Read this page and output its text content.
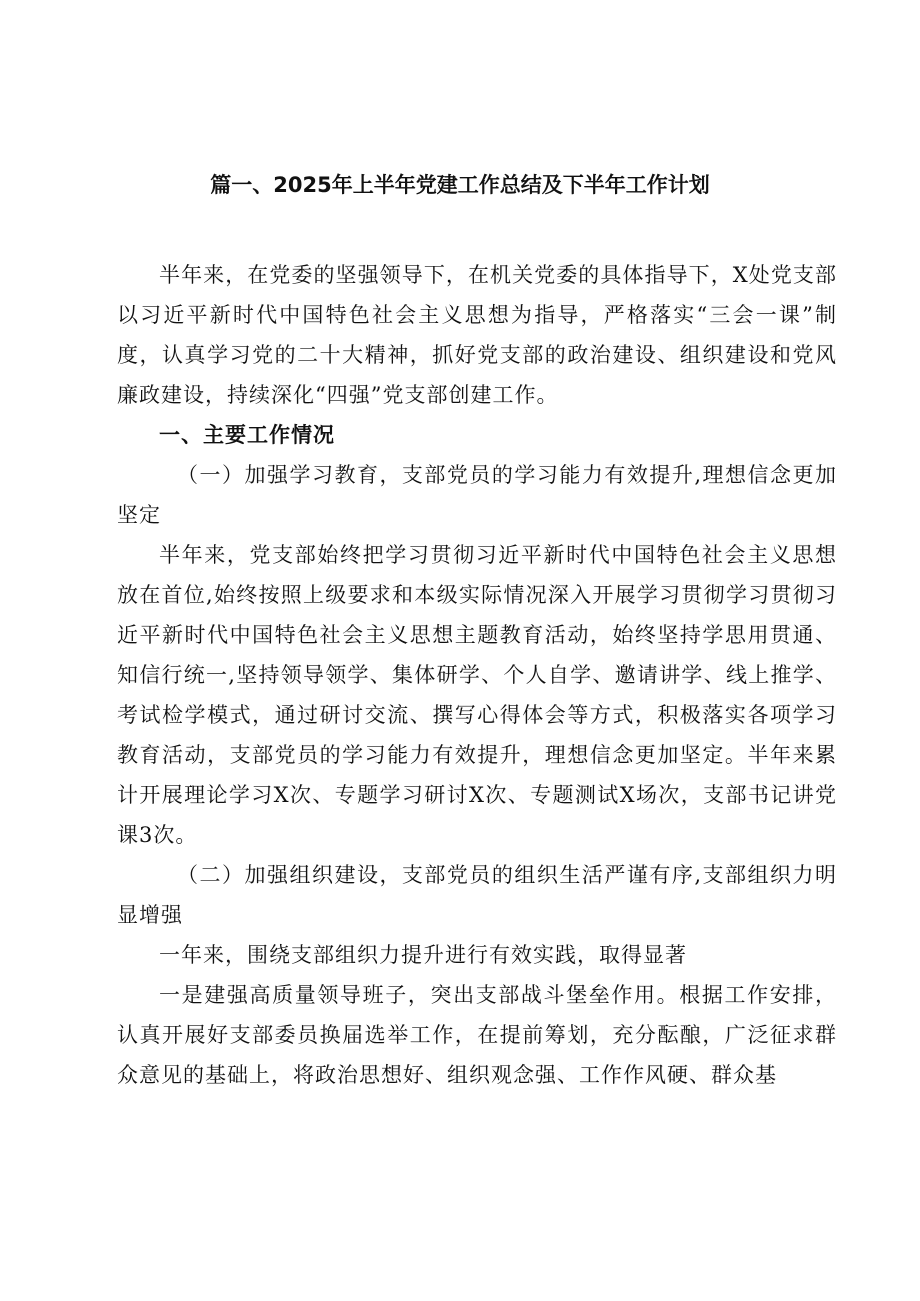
篇一、2025年上半年党建工作总结及下半年工作计划

半年来，在党委的坚强领导下，在机关党委的具体指导下，X处党支部以习近平新时代中国特色社会主义思想为指导，严格落实“三会一课”制度，认真学习党的二十大精神，抓好党支部的政治建设、组织建设和党风廉政建设，持续深化“四强”党支部创建工作。

一、主要工作情况

（一）加强学习教育，支部党员的学习能力有效提升,理想信念更加坚定

半年来，党支部始终把学习贯彻习近平新时代中国特色社会主义思想放在首位,始终按照上级要求和本级实际情况深入开展学习贯彻学习贯彻习近平新时代中国特色社会主义思想主题教育活动，始终坚持学思用贯通、知信行统一,坚持领导领学、集体研学、个人自学、邀请讲学、线上推学、考试检学模式，通过研讨交流、撰写心得体会等方式，积极落实各项学习教育活动，支部党员的学习能力有效提升，理想信念更加坚定。半年来累计开展理论学习X次、专题学习研讨X次、专题测试X场次，支部书记讲党课3次。

（二）加强组织建设，支部党员的组织生活严谨有序,支部组织力明显增强

一年来，围绕支部组织力提升进行有效实践，取得显著

一是建强高质量领导班子，突出支部战斗堡垒作用。根据工作安排，认真开展好支部委员换届选举工作，在提前筹划，充分酝酿，广泛征求群众意见的基础上，将政治思想好、组织观念强、工作作风硬、群众基
